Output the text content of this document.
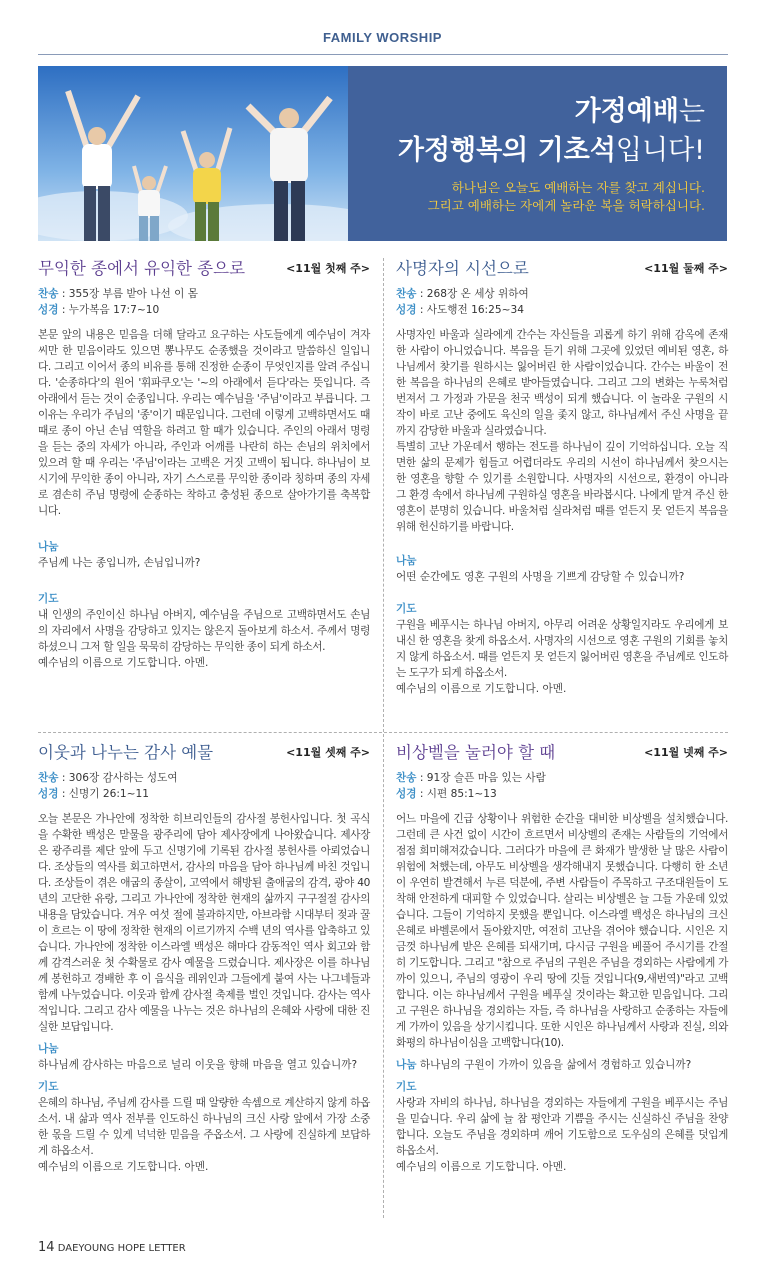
FAMILY WORSHIP
가정예배는
가정행복의 기초석입니다!
하나님은 오늘도 예배하는 자를 찾고 계십니다.
그리고 예배하는 자에게 놀라운 복을 허락하십니다.
무익한 종에서 유익한 종으로	<11월 첫째 주>
찬송 : 355장 부름 받아 나선 이 몸
성경 : 누가복음 17:7~10

본문 앞의 내용은 믿음을 더해 달라고 요구하는 사도들에게 예수님이 겨자씨만 한 믿음이라도 있으면 뽕나무도 순종했을 것이라고 말씀하신 일입니다. 그리고 이어서 종의 비유를 통해 진정한 순종이 무엇인지를 알려 주십니다. '순종하다'의 원어 '휘파쿠오'는 '~의 아래에서 듣다'라는 뜻입니다. 즉 아래에서 듣는 것이 순종입니다. 우리는 예수님을 '주님'이라고 부릅니다. 그 이유는 우리가 주님의 '종'이기 때문입니다. 그런데 이렇게 고백하면서도 때때로 종이 아닌 손님 역할을 하려고 할 때가 있습니다. 주인의 아래서 명령을 듣는 중의 자세가 아니라, 주인과 어깨를 나란히 하는 손님의 위치에서 있으려 할 때 우리는 '주님'이라는 고백은 거짓 고백이 됩니다. 하나님이 보시기에 무익한 종이 아니라, 자기 스스로를 무익한 종이라 칭하며 종의 자세로 겸손히 주님 명령에 순종하는 착하고 충성된 종으로 살아가기를 축복합니다.

나눔
주님께 나는 종입니까, 손님입니까?
기도

내 인생의 주인이신 하나님 아버지, 예수님을 주님으로 고백하면서도 손님의 자리에서 사명을 감당하고 있지는 않은지 돌아보게 하소서. 주께서 명령하셨으니 그저 할 일을 묵묵히 감당하는 무익한 종이 되게 하소서.

예수님의 이름으로 기도합니다. 아멘.
사명자의 시선으로	<11월 둘째 주>
찬송 : 268장 온 세상 위하여
성경 : 사도행전 16:25~34

사명자인 바울과 실라에게 간수는 자신들을 괴롭게 하기 위해 감옥에 존재한 사람이 아니었습니다. 복음을 듣기 위해 그곳에 있었던 예비된 영혼, 하나님께서 찾기를 원하시는 잃어버린 한 사람이었습니다. 간수는 바울이 전한 복음을 하나님의 은혜로 받아들였습니다. 그리고 그의 변화는 누룩처럼 번져서 그 가정과 가문을 천국 백성이 되게 했습니다. 이 놀라운 구원의 시작이 바로 고난 중에도 육신의 일을 좇지 않고, 하나님께서 주신 사명을 끝까지 감당한 바울과 실라였습니다.

특별히 고난 가운데서 행하는 전도를 하나님이 깊이 기억하십니다. 오늘 직면한 삶의 문제가 힘들고 어렵더라도 우리의 시선이 하나님께서 찾으시는 한 영혼을 향할 수 있기를 소원합니다. 사명자의 시선으로, 환경이 아니라 그 환경 속에서 하나님께 구원하실 영혼을 바라봅시다. 나에게 맡겨 주신 한 영혼이 분명히 있습니다. 바울처럼 실라처럼 때를 얻든지 못 얻든지 복음을 위해 헌신하기를 바랍니다.

나눔
어떤 순간에도 영혼 구원의 사명을 기쁘게 감당할 수 있습니까?
기도

구원을 베푸시는 하나님 아버지, 아무리 어려운 상황일지라도 우리에게 보내신 한 영혼을 찾게 하옵소서. 사명자의 시선으로 영혼 구원의 기회를 놓치지 않게 하옵소서. 때를 얻든지 못 얻든지 잃어버린 영혼을 주님께로 인도하는 도구가 되게 하옵소서.

예수님의 이름으로 기도합니다. 아멘.
이웃과 나누는 감사 예물	<11월 셋째 주>
찬송 : 306장 감사하는 성도여
성경 : 신명기 26:1~11

오늘 본문은 가나안에 정착한 히브리인들의 감사절 봉헌사입니다. 첫 곡식을 수확한 백성은 맏물을 광주리에 담아 제사장에게 나아왔습니다. 제사장은 광주리를 제단 앞에 두고 신명기에 기록된 감사절 봉헌사를 아뢰었습니다. 조상들의 역사를 회고하면서, 감사의 마음을 담아 하나님께 바친 것입니다. 조상들이 겪은 애굽의 종살이, 고역에서 해방된 출애굽의 감격, 광야 40년의 고단한 유랑, 그리고 가나안에 정착한 현재의 삶까지 구구절절 감사의 내용을 담았습니다. 겨우 여섯 절에 불과하지만, 아브라함 시대부터 젖과 꿀이 흐르는 이 땅에 정착한 현재의 이르기까지 수백 년의 역사를 압축하고 있습니다. 가나안에 정착한 이스라엘 백성은 해마다 감동적인 역사 회고와 함께 감격스러운 첫 수확물로 감사 예물을 드렸습니다. 제사장은 이를 하나님께 봉헌하고 경배한 후 이 음식을 레위인과 그들에게 붙여 사는 나그네들과 함께 나누었습니다. 이웃과 함께 감사절 축제를 벌인 것입니다. 감사는 역사적입니다. 그리고 감사 예물을 나누는 것은 하나님의 은혜와 사랑에 대한 진실한 보답입니다.

나눔
하나님께 감사하는 마음으로 널리 이웃을 향해 마음을 열고 있습니까?
기도

은혜의 하나님, 주님께 감사를 드릴 때 알량한 속셈으로 계산하지 않게 하옵소서. 내 삶과 역사 전부를 인도하신 하나님의 크신 사랑 앞에서 가장 소중한 몫을 드릴 수 있게 넉넉한 믿음을 주옵소서. 그 사랑에 진실하게 보답하게 하옵소서.

예수님의 이름으로 기도합니다. 아멘.
비상벨을 눌러야 할 때	<11월 넷째 주>
찬송 : 91장 슬픈 마음 있는 사람
성경 : 시편 85:1~13

어느 마을에 긴급 상황이나 위험한 순간을 대비한 비상벨을 설치했습니다. 그런데 큰 사건 없이 시간이 흐르면서 비상벨의 존재는 사람들의 기억에서 점점 희미해져갔습니다. 그러다가 마을에 큰 화재가 발생한 날 많은 사람이 위험에 처했는데, 아무도 비상벨을 생각해내지 못했습니다. 다행히 한 소년이 우연히 발견해서 누른 덕분에, 주변 사람들이 주목하고 구조대원들이 도착해 안전하게 대피할 수 있었습니다. 살리는 비상벨은 늘 그들 가운데 있었습니다. 그들이 기억하지 못했을 뿐입니다. 이스라엘 백성은 하나님의 크신 은혜로 바벨론에서 돌아왔지만, 여전히 고난을 겪어야 했습니다. 시인은 지금껏 하나님께 받은 은혜를 되새기며, 다시금 구원을 베풀어 주시기를 간절히 기도합니다. 그리고 "참으로 주님의 구원은 주님을 경외하는 사람에게 가까이 있으니, 주님의 영광이 우리 땅에 깃들 것입니다(9,새번역)"라고 고백합니다. 이는 하나님께서 구원을 베푸실 것이라는 확고한 믿음입니다. 그리고 구원은 하나님을 경외하는 자들, 즉 하나님을 사랑하고 순종하는 자들에게 가까이 있음을 상기시킵니다. 또한 시인은 하나님께서 사랑과 진실, 의와 화평의 하나님이심을 고백합니다(10).

나눔 하나님의 구원이 가까이 있음을 삶에서 경험하고 있습니까?
기도

사랑과 자비의 하나님, 하나님을 경외하는 자들에게 구원을 베푸시는 주님을 믿습니다. 우리 삶에 늘 참 평안과 기쁨을 주시는 신실하신 주님을 찬양합니다. 오늘도 주님을 경외하며 깨어 기도함으로 도우심의 은혜를 덧입게 하옵소서.

예수님의 이름으로 기도합니다. 아멘.
14 DAEYOUNG HOPE LETTER
